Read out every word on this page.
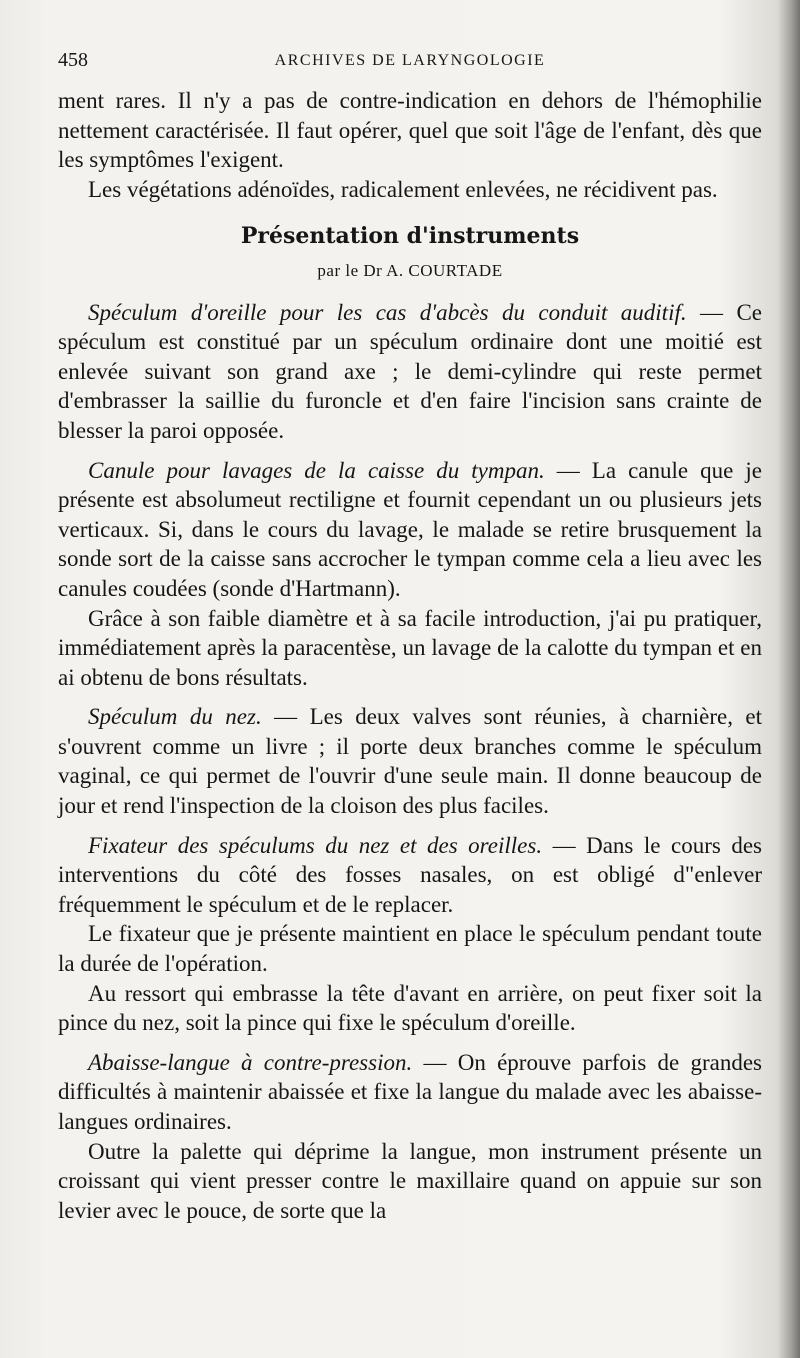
458	ARCHIVES DE LARYNGOLOGIE

ment rares. Il n'y a pas de contre-indication en dehors de l'hémophilie nettement caractérisée. Il faut opérer, quel que soit l'âge de l'enfant, dès que les symptômes l'exigent.

Les végétations adénoïdes, radicalement enlevées, ne récidivent pas.

Présentation d'instruments
par le Dr A. COURTADE

Spéculum d'oreille pour les cas d'abcès du conduit auditif. — Ce spéculum est constitué par un spéculum ordinaire dont une moitié est enlevée suivant son grand axe ; le demi-cylindre qui reste permet d'embrasser la saillie du furoncle et d'en faire l'incision sans crainte de blesser la paroi opposée.

Canule pour lavages de la caisse du tympan. — La canule que je présente est absolumeut rectiligne et fournit cependant un ou plusieurs jets verticaux. Si, dans le cours du lavage, le malade se retire brusquement la sonde sort de la caisse sans accrocher le tympan comme cela a lieu avec les canules coudées (sonde d'Hartmann).

Grâce à son faible diamètre et à sa facile introduction, j'ai pu pratiquer, immédiatement après la paracentèse, un lavage de la calotte du tympan et en ai obtenu de bons résultats.

Spéculum du nez. — Les deux valves sont réunies, à charnière, et s'ouvrent comme un livre ; il porte deux branches comme le spéculum vaginal, ce qui permet de l'ouvrir d'une seule main. Il donne beaucoup de jour et rend l'inspection de la cloison des plus faciles.

Fixateur des spéculums du nez et des oreilles. — Dans le cours des interventions du côté des fosses nasales, on est obligé d"enlever fréquemment le spéculum et de le replacer.

Le fixateur que je présente maintient en place le spéculum pendant toute la durée de l'opération.

Au ressort qui embrasse la tête d'avant en arrière, on peut fixer soit la pince du nez, soit la pince qui fixe le spéculum d'oreille.

Abaisse-langue à contre-pression. — On éprouve parfois de grandes difficultés à maintenir abaissée et fixe la langue du malade avec les abaisse-langues ordinaires.

Outre la palette qui déprime la langue, mon instrument présente un croissant qui vient presser contre le maxillaire quand on appuie sur son levier avec le pouce, de sorte que la
